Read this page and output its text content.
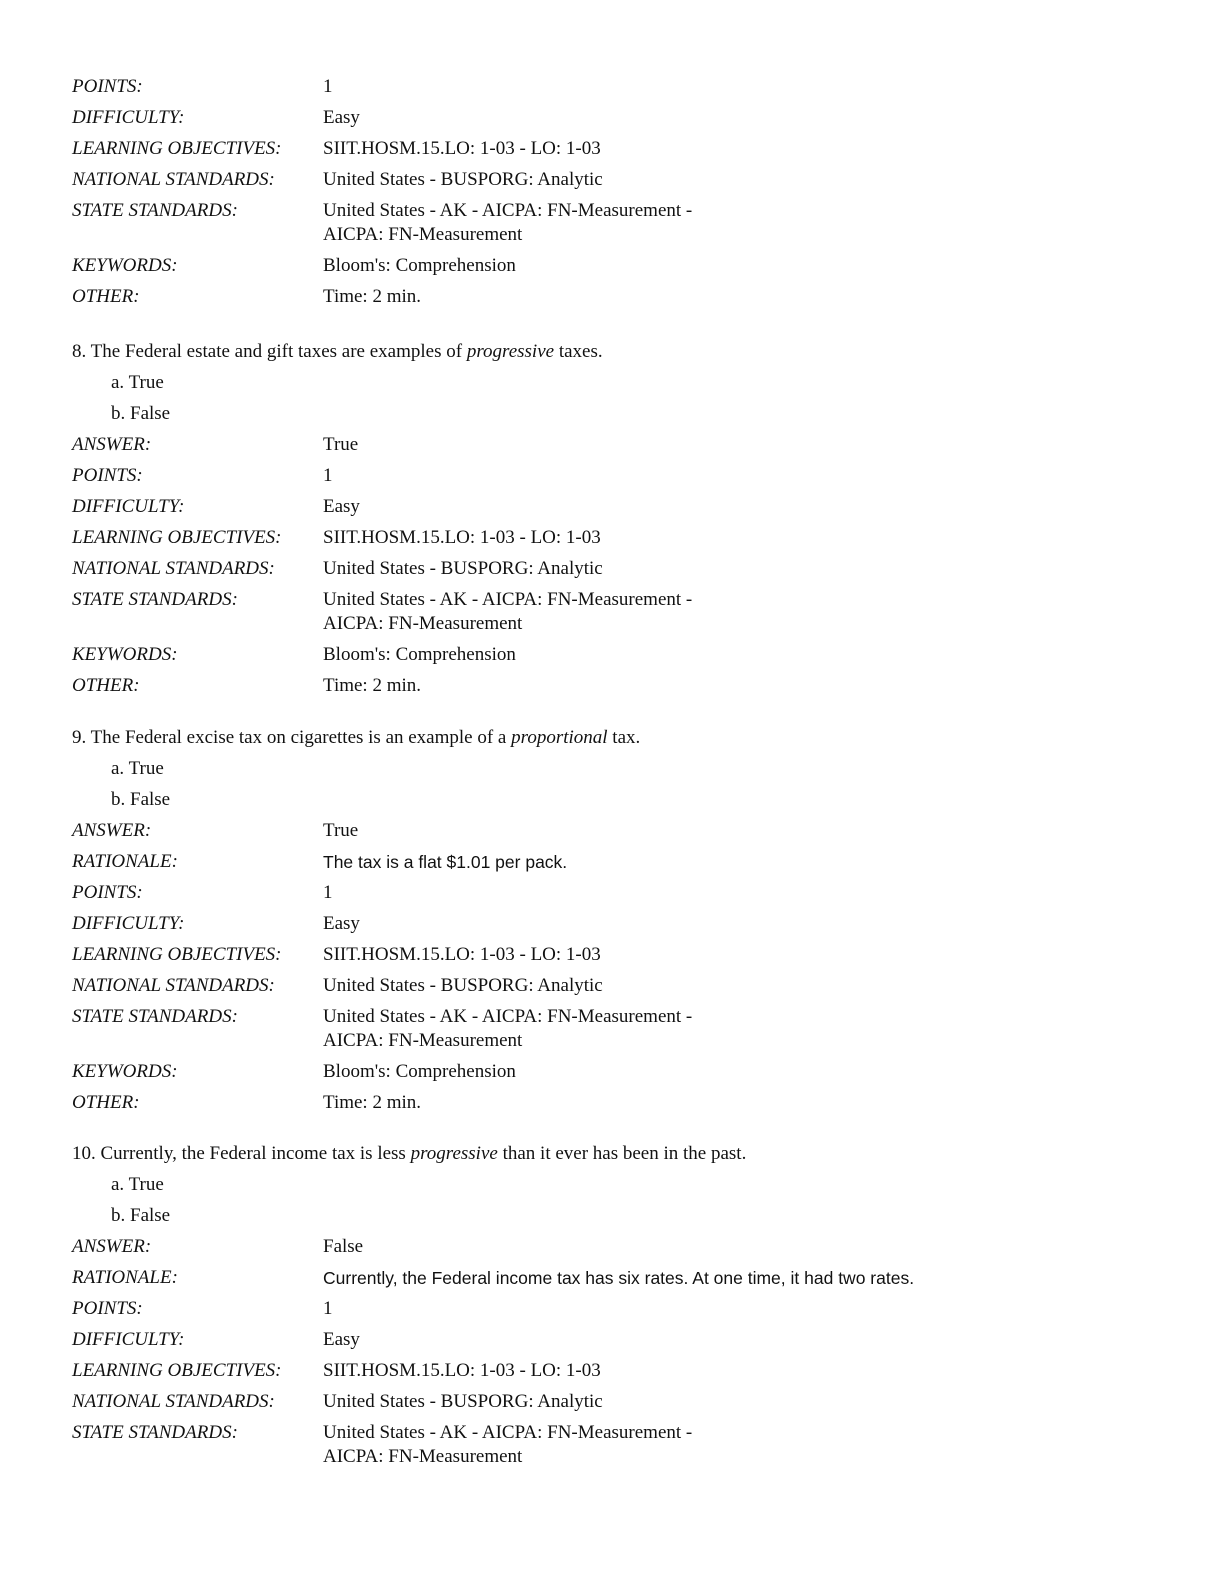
POINTS:	1
DIFFICULTY:	Easy
LEARNING OBJECTIVES:	SIIT.HOSM.15.LO: 1-03 - LO: 1-03
NATIONAL STANDARDS:	United States - BUSPORG: Analytic
STATE STANDARDS:	United States - AK - AICPA: FN-Measurement -
AICPA: FN-Measurement
KEYWORDS:	Bloom's: Comprehension
OTHER:	Time: 2 min.
8. The Federal estate and gift taxes are examples of progressive taxes.
a. True
b. False
ANSWER:	True
POINTS:	1
DIFFICULTY:	Easy
LEARNING OBJECTIVES:	SIIT.HOSM.15.LO: 1-03 - LO: 1-03
NATIONAL STANDARDS:	United States - BUSPORG: Analytic
STATE STANDARDS:	United States - AK - AICPA: FN-Measurement -
AICPA: FN-Measurement
KEYWORDS:	Bloom's: Comprehension
OTHER:	Time: 2 min.
9. The Federal excise tax on cigarettes is an example of a proportional tax.
a. True
b. False
ANSWER:	True
RATIONALE:	The tax is a flat $1.01 per pack.
POINTS:	1
DIFFICULTY:	Easy
LEARNING OBJECTIVES:	SIIT.HOSM.15.LO: 1-03 - LO: 1-03
NATIONAL STANDARDS:	United States - BUSPORG: Analytic
STATE STANDARDS:	United States - AK - AICPA: FN-Measurement -
AICPA: FN-Measurement
KEYWORDS:	Bloom's: Comprehension
OTHER:	Time: 2 min.
10. Currently, the Federal income tax is less progressive than it ever has been in the past.
a. True
b. False
ANSWER:	False
RATIONALE:	Currently, the Federal income tax has six rates. At one time, it had two rates.
POINTS:	1
DIFFICULTY:	Easy
LEARNING OBJECTIVES:	SIIT.HOSM.15.LO: 1-03 - LO: 1-03
NATIONAL STANDARDS:	United States - BUSPORG: Analytic
STATE STANDARDS:	United States - AK - AICPA: FN-Measurement -
AICPA: FN-Measurement
